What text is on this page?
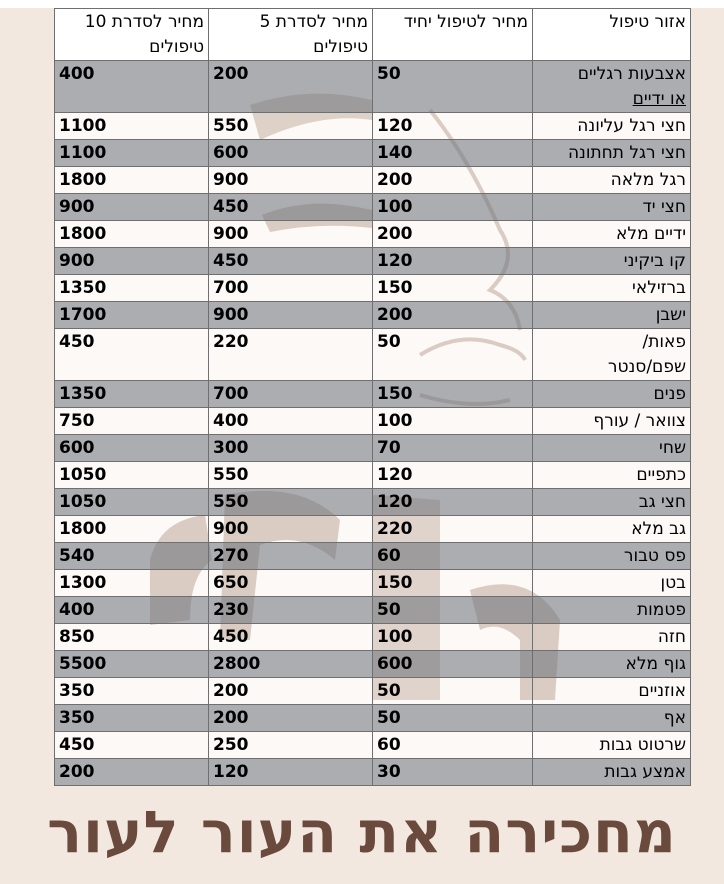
אזור טיפול	מחיר לטיפול יחיד	מחיר לסדרת 5 טיפולים	מחיר לסדרת 10 טיפולים
אצבעות רגליים
או ידיים	50	200	400
חצי רגל עליונה	120	550	1100
חצי רגל תחתונה	140	600	1100
רגל מלאה	200	900	1800
חצי יד	100	450	900
ידיים מלא	200	900	1800
קו ביקיני	120	450	900
ברזילאי	150	700	1350
ישבן	200	900	1700
פאות/
שפם/סנטר	50	220	450
פנים	150	700	1350
צוואר / עורף	100	400	750
שחי	70	300	600
כתפיים	120	550	1050
חצי גב	120	550	1050
גב מלא	220	900	1800
פס טבור	60	270	540
בטן	150	650	1300
פטמות	50	230	400
חזה	100	450	850
גוף מלא	600	2800	5500
אוזניים	50	200	350
אף	50	200	350
שרטוט גבות	60	250	450
אמצע גבות	30	120	200
מחכירה את העור לעור
